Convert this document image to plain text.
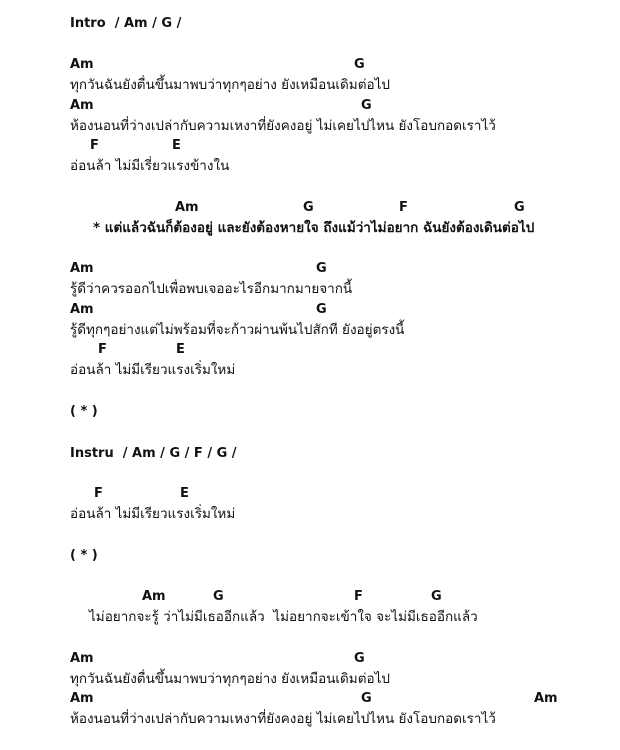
Intro  / Am / G /
Am	G
ทุกวันฉันยังตื่นขึ้นมาพบว่าทุกๆอย่าง ยังเหมือนเดิมต่อไป
Am	G
ห้องนอนที่ว่างเปล่ากับความเหงาที่ยังคงอยู่ ไม่เคยไปไหน ยังโอบกอดเราไว้
F	E
อ่อนล้า ไม่มีเรี่ยวแรงข้างใน
Am	G	F	G
* แต่แล้วฉันก็ต้องอยู่ และยังต้องหายใจ ถึงแม้ว่าไม่อยาก ฉันยังต้องเดินต่อไป
Am	G
รู้ดีว่าควรออกไปเพื่อพบเจออะไรอีกมากมายจากนี้
Am	G
รู้ดีทุกๆอย่างแต่ไม่พร้อมที่จะก้าวผ่านพ้นไปสักที ยังอยู่ตรงนี้
F	E
อ่อนล้า ไม่มีเรียวแรงเริ่มใหม่
( * )
Instru  / Am / G / F / G /
F	E
อ่อนล้า ไม่มีเรียวแรงเริ่มใหม่
( * )
Am	G	F	G
ไม่อยากจะรู้ ว่าไม่มีเธออีกแล้ว  ไม่อยากจะเข้าใจ จะไม่มีเธออีกแล้ว
Am	G
ทุกวันฉันยังตื่นขึ้นมาพบว่าทุกๆอย่าง ยังเหมือนเดิมต่อไป
Am	G	Am
ห้องนอนที่ว่างเปล่ากับความเหงาที่ยังคงอยู่ ไม่เคยไปไหน ยังโอบกอดเราไว้
